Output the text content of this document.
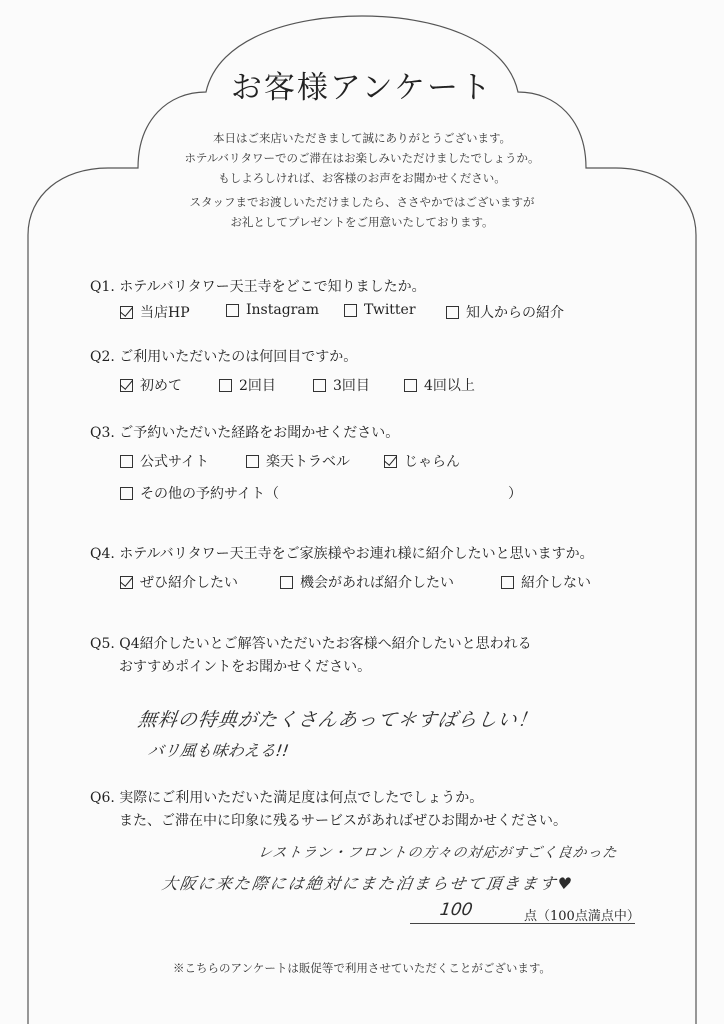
お客様アンケート
本日はご来店いただきまして誠にありがとうございます。
ホテルバリタワーでのご滞在はお楽しみいただけましたでしょうか。
もしよろしければ、お客様のお声をお聞かせください。
スタッフまでお渡しいただけましたら、ささやかではございますが
お礼としてプレゼントをご用意いたしております。
Q1. ホテルバリタワー天王寺をどこで知りましたか。
当店HP	Instagram	Twitter	知人からの紹介
Q2. ご利用いただいたのは何回目ですか。
初めて	2回目	3回目	4回以上
Q3. ご予約いただいた経路をお聞かせください。
公式サイト	楽天トラベル	じゃらん
その他の予約サイト（	）
Q4. ホテルバリタワー天王寺をご家族様やお連れ様に紹介したいと思いますか。
ぜひ紹介したい	機会があれば紹介したい	紹介しない
Q5. Q4紹介したいとご解答いただいたお客様へ紹介したいと思われる
おすすめポイントをお聞かせください。
無料の特典がたくさんあって＊すばらしい！
バリ風も味わえる!!
Q6. 実際にご利用いただいた満足度は何点でしたでしょうか。
また、ご滞在中に印象に残るサービスがあればぜひお聞かせください。
レストラン・フロントの方々の対応がすごく良かった
大阪に来た際には絶対にまた泊まらせて頂きます♥
100	点（100点満点中）
※こちらのアンケートは販促等で利用させていただくことがございます。
